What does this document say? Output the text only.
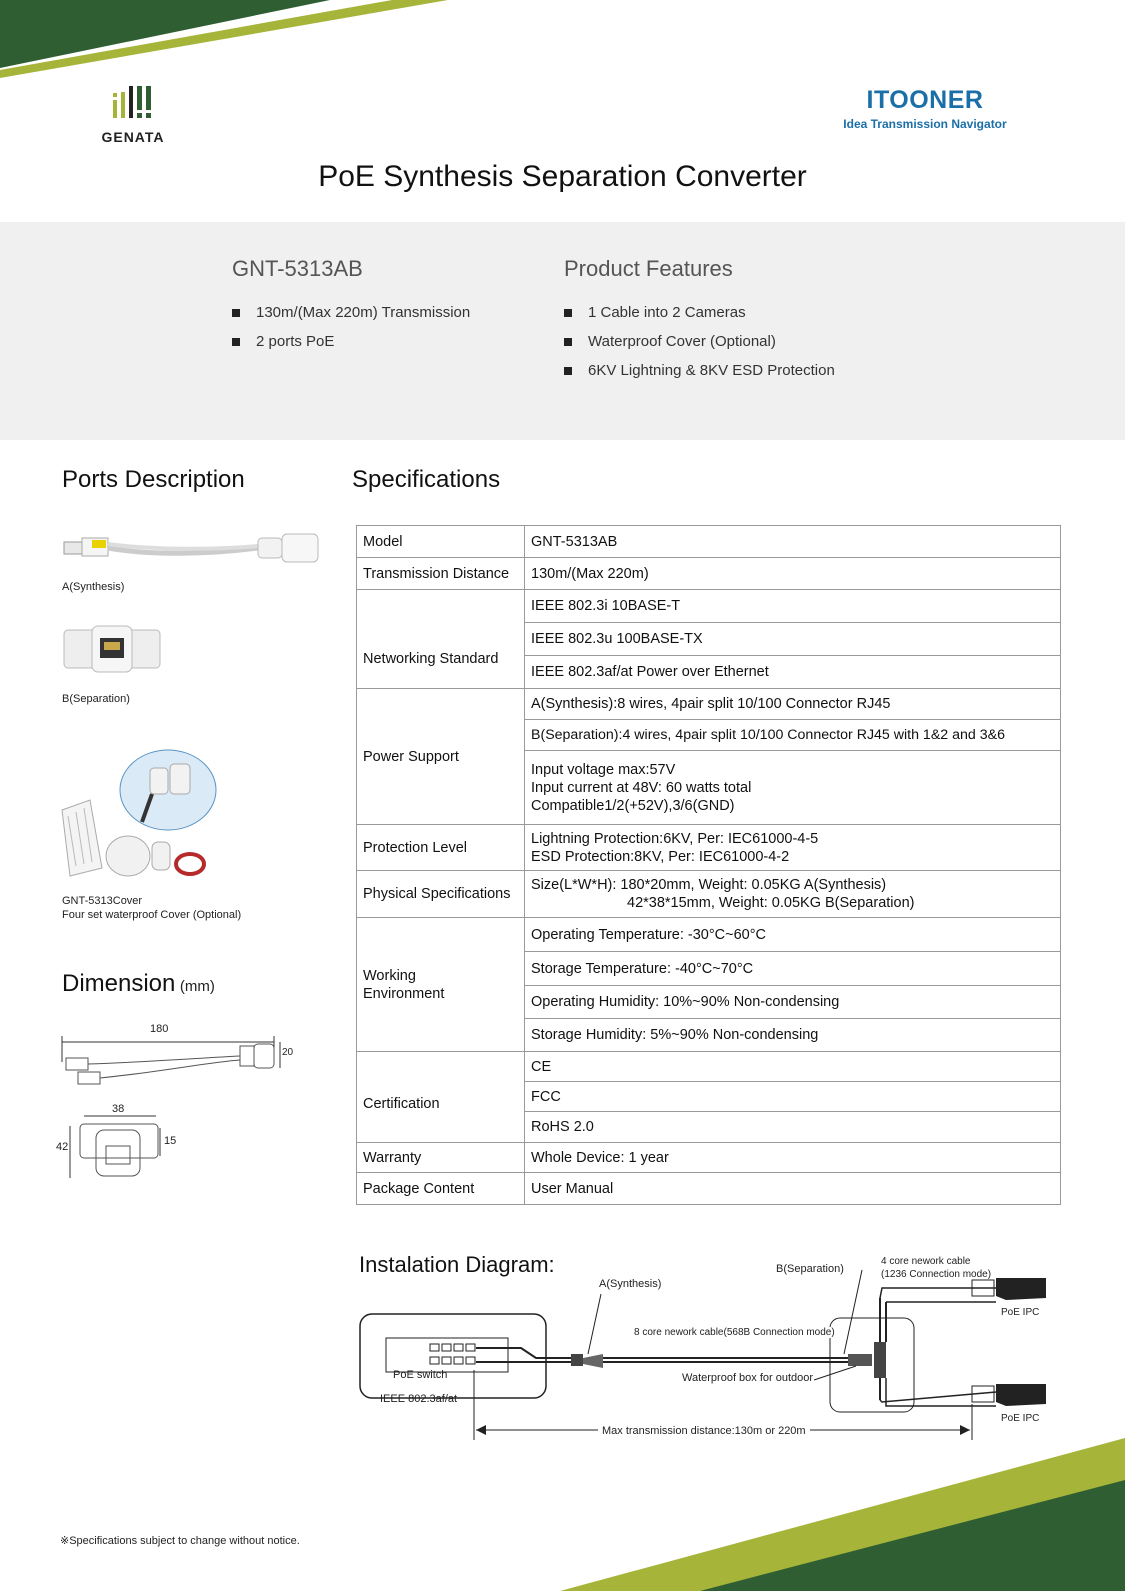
GENATA
ITOONER
Idea Transmission Navigator
PoE Synthesis Separation Converter
GNT-5313AB
130m/(Max 220m) Transmission
2 ports PoE
Product Features
1 Cable into 2 Cameras
Waterproof Cover (Optional)
6KV Lightning & 8KV ESD Protection
Ports Description
A(Synthesis)
B(Separation)
GNT-5313Cover
Four set waterproof Cover (Optional)
Dimension (mm)
180
20
38
42	15
Specifications
Model	GNT-5313AB
Transmission Distance	130m/(Max 220m)
Networking Standard	IEEE 802.3i 10BASE-T
	IEEE 802.3u 100BASE-TX
	IEEE 802.3af/at Power over Ethernet
Power Support	A(Synthesis):8 wires, 4pair split 10/100 Connector RJ45
	B(Separation):4 wires, 4pair split 10/100 Connector RJ45 with 1&2 and 3&6
	Input voltage max:57V
Input current at 48V: 60 watts total
Compatible1/2(+52V),3/6(GND)
Protection Level	Lightning Protection:6KV, Per: IEC61000-4-5
ESD Protection:8KV, Per: IEC61000-4-2
Physical Specifications	Size(L*W*H): 180*20mm, Weight: 0.05KG A(Synthesis)
42*38*15mm, Weight: 0.05KG B(Separation)

Working
Environment	Operating Temperature: -30°C~60°C
	Storage Temperature: -40°C~70°C
	Operating Humidity: 10%~90% Non-condensing
	Storage Humidity: 5%~90% Non-condensing
Certification	CE
	FCC
	RoHS 2.0
Warranty	Whole Device: 1 year
Package Content	User Manual
Instalation Diagram:
A(Synthesis)
B(Separation)
4 core nework cable
(1236 Connection mode)
8 core nework cable(568B Connection mode)
PoE switch
IEEE 802.3af/at
Waterproof box for outdoor
PoE IPC
PoE IPC
Max transmission distance:130m or 220m
※Specifications subject to change without notice.
